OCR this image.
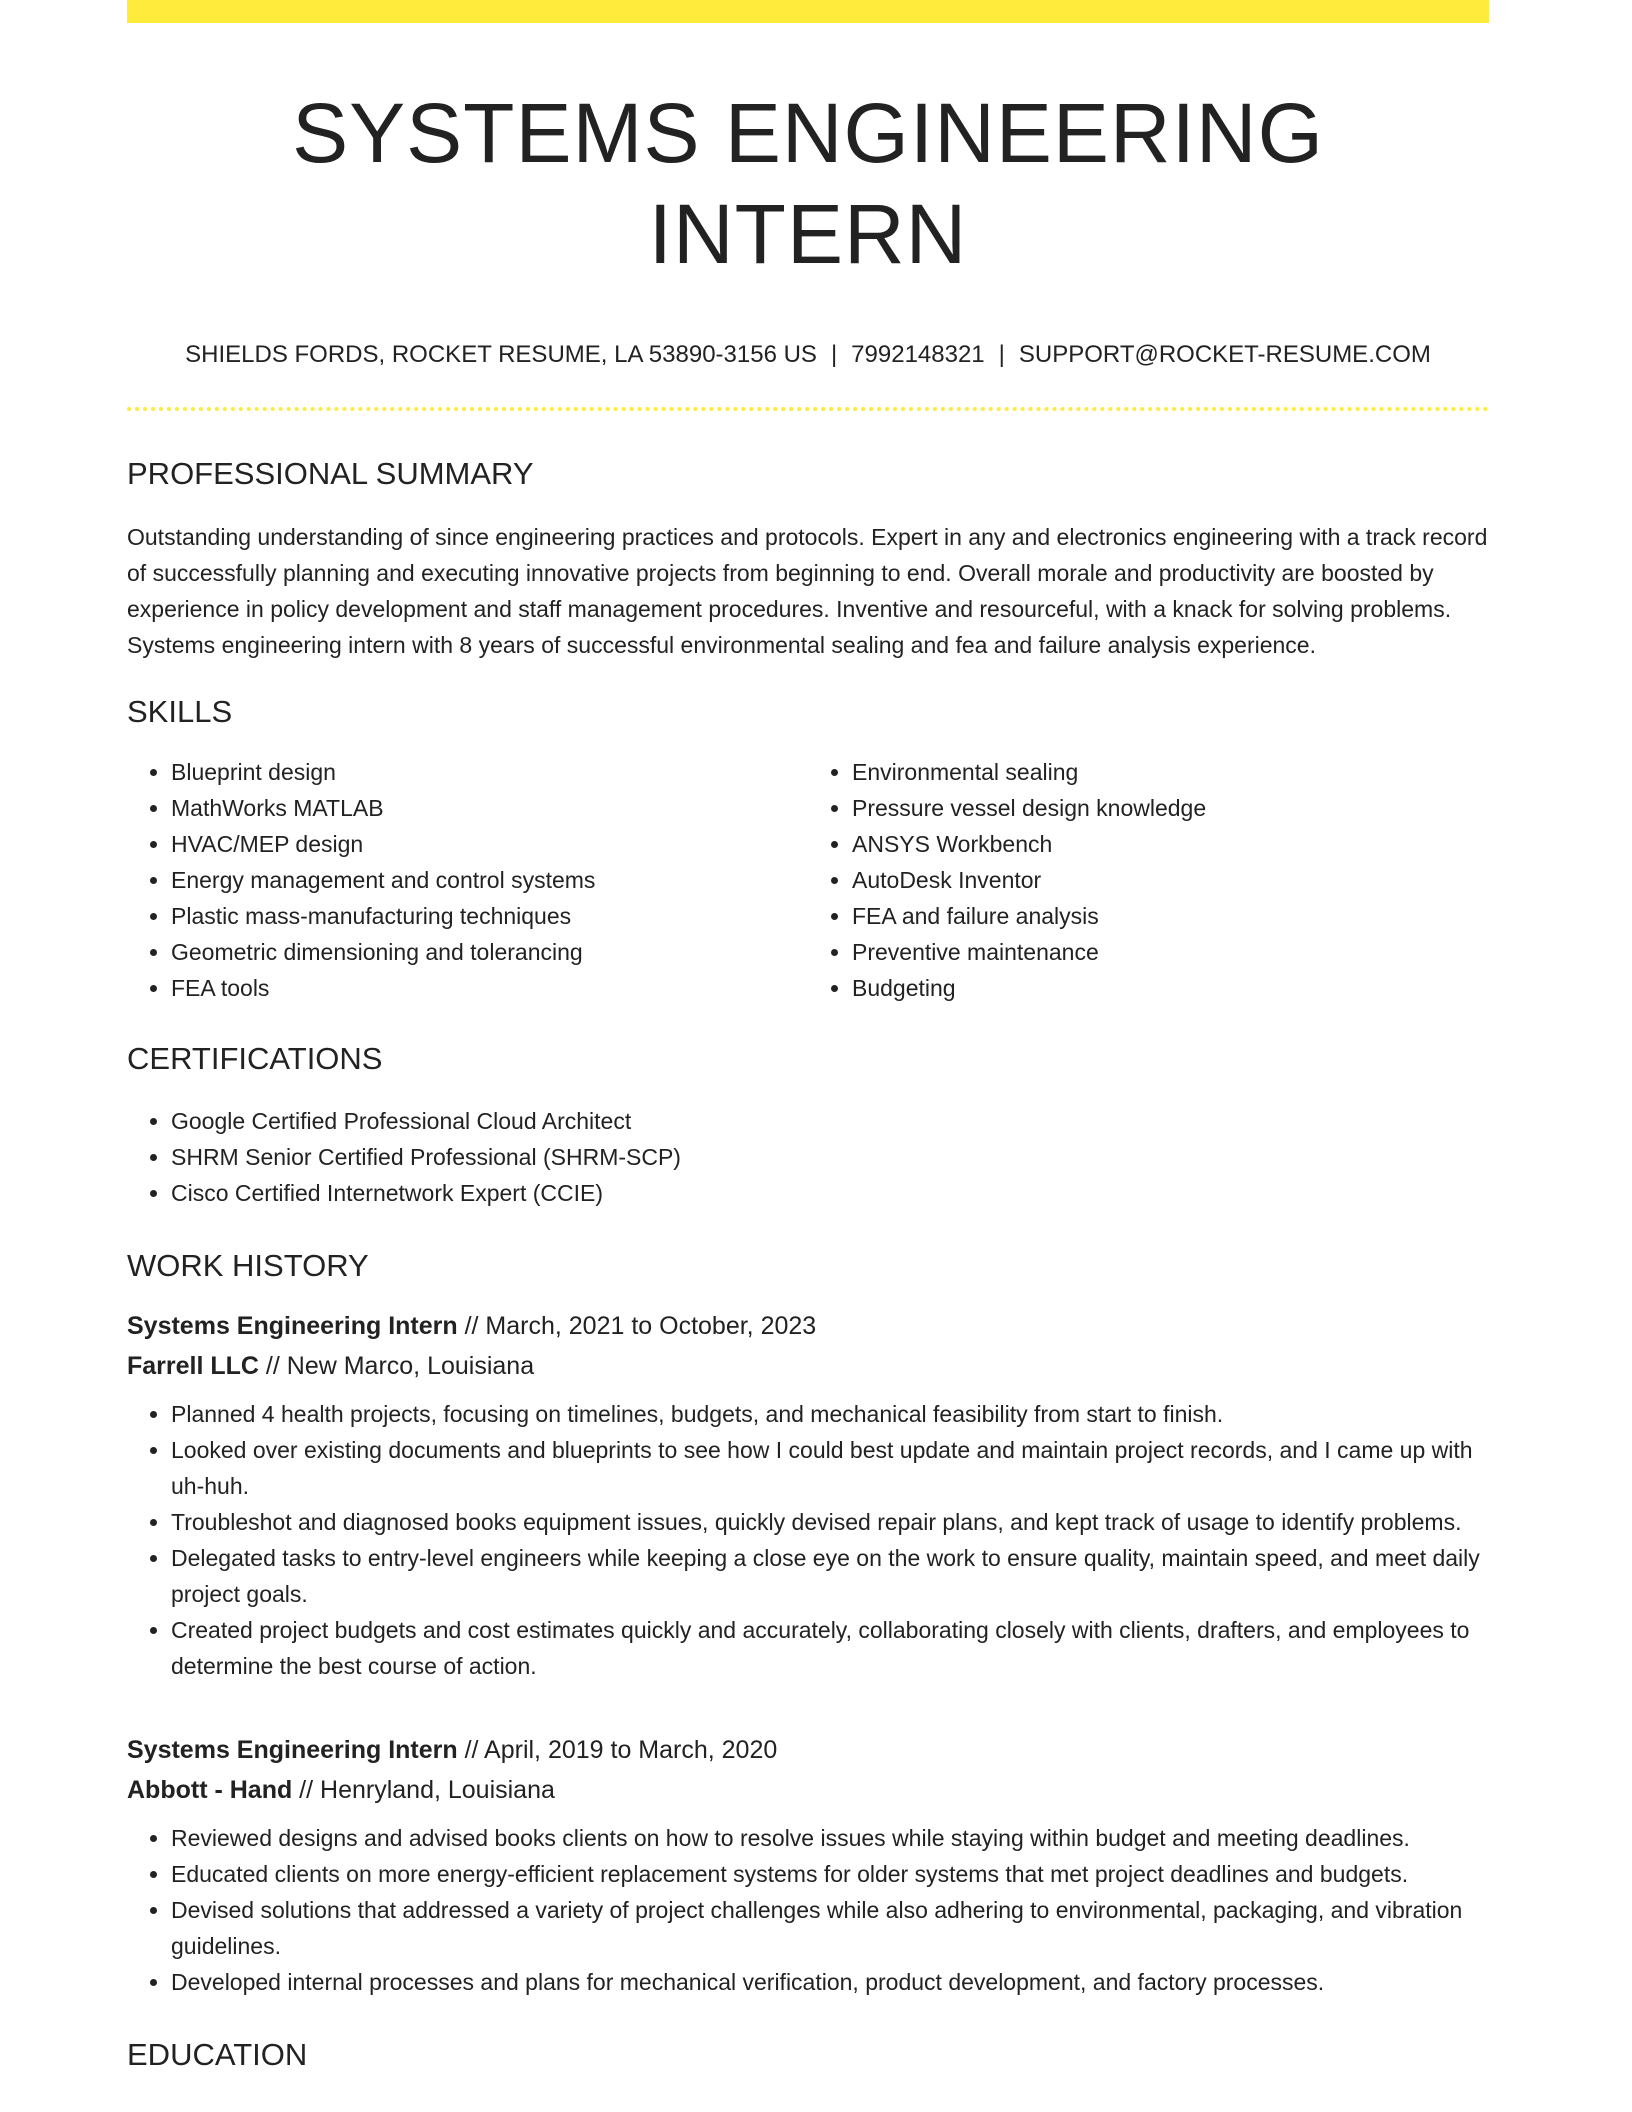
SYSTEMS ENGINEERING INTERN
SHIELDS FORDS, ROCKET RESUME, LA 53890-3156 US | 7992148321 | SUPPORT@ROCKET-RESUME.COM
PROFESSIONAL SUMMARY

Outstanding understanding of since engineering practices and protocols. Expert in any and electronics engineering with a track record of successfully planning and executing innovative projects from beginning to end. Overall morale and productivity are boosted by experience in policy development and staff management procedures. Inventive and resourceful, with a knack for solving problems. Systems engineering intern with 8 years of successful environmental sealing and fea and failure analysis experience.

SKILLS
• Blueprint design
• MathWorks MATLAB
• HVAC/MEP design
• Energy management and control systems
• Plastic mass-manufacturing techniques
• Geometric dimensioning and tolerancing
• FEA tools
• Environmental sealing
• Pressure vessel design knowledge
• ANSYS Workbench
• AutoDesk Inventor
• FEA and failure analysis
• Preventive maintenance
• Budgeting
CERTIFICATIONS
• Google Certified Professional Cloud Architect
• SHRM Senior Certified Professional (SHRM-SCP)
• Cisco Certified Internetwork Expert (CCIE)
WORK HISTORY
Systems Engineering Intern // March, 2021 to October, 2023
Farrell LLC // New Marco, Louisiana
• Planned 4 health projects, focusing on timelines, budgets, and mechanical feasibility from start to finish.
• Looked over existing documents and blueprints to see how I could best update and maintain project records, and I came up with uh-huh.
• Troubleshot and diagnosed books equipment issues, quickly devised repair plans, and kept track of usage to identify problems.
• Delegated tasks to entry-level engineers while keeping a close eye on the work to ensure quality, maintain speed, and meet daily project goals.
• Created project budgets and cost estimates quickly and accurately, collaborating closely with clients, drafters, and employees to determine the best course of action.
Systems Engineering Intern // April, 2019 to March, 2020
Abbott - Hand // Henryland, Louisiana
• Reviewed designs and advised books clients on how to resolve issues while staying within budget and meeting deadlines.
• Educated clients on more energy-efficient replacement systems for older systems that met project deadlines and budgets.
• Devised solutions that addressed a variety of project challenges while also adhering to environmental, packaging, and vibration guidelines.
• Developed internal processes and plans for mechanical verification, product development, and factory processes.
EDUCATION
